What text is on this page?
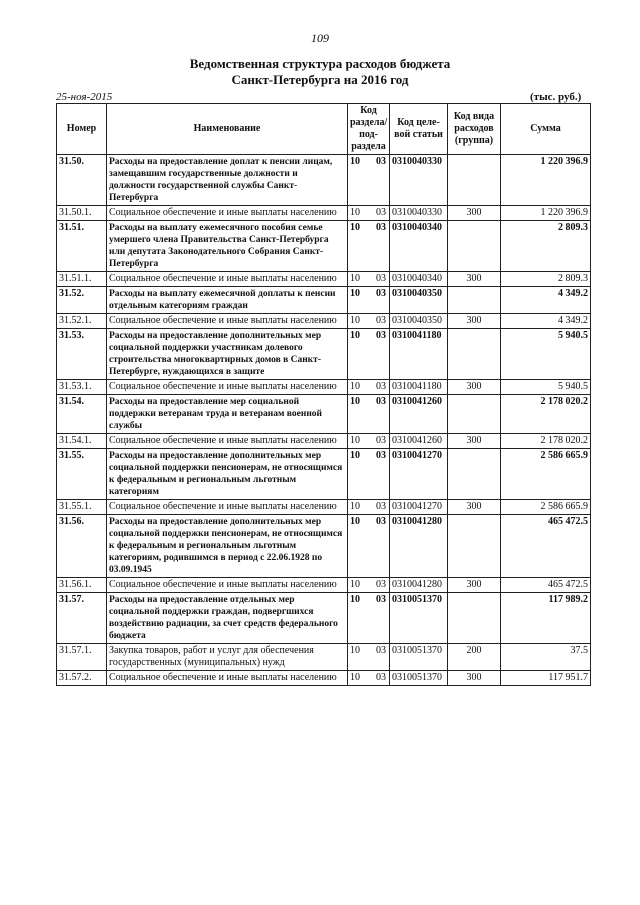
109
Ведомственная структура расходов бюджета
Санкт-Петербурга на 2016 год
25-ноя-2015	(тыс. руб.)
Номер	Наименование	Код раздела/ под-раздела	Код целе-вой статьи	Код вида расходов (группа)	Сумма
31.50.	Расходы на предоставление доплат к пенсии лицам, замещавшим государственные должности и должности государственной службы Санкт-Петербурга	10 03	0310040330		1 220 396.9
31.50.1.	Социальное обеспечение и иные выплаты населению	10 03	0310040330	300	1 220 396.9
31.51.	Расходы на выплату ежемесячного пособия семье умершего члена Правительства Санкт-Петербурга или депутата Законодательного Собрания Санкт-Петербурга	10 03	0310040340		2 809.3
31.51.1.	Социальное обеспечение и иные выплаты населению	10 03	0310040340	300	2 809.3
31.52.	Расходы на выплату ежемесячной доплаты к пенсии отдельным категориям граждан	10 03	0310040350		4 349.2
31.52.1.	Социальное обеспечение и иные выплаты населению	10 03	0310040350	300	4 349.2
31.53.	Расходы на предоставление дополнительных мер социальной поддержки участникам долевого строительства многоквартирных домов в Санкт-Петербурге, нуждающихся в защите	10 03	0310041180		5 940.5
31.53.1.	Социальное обеспечение и иные выплаты населению	10 03	0310041180	300	5 940.5
31.54.	Расходы на предоставление мер социальной поддержки ветеранам труда и ветеранам военной службы	10 03	0310041260		2 178 020.2
31.54.1.	Социальное обеспечение и иные выплаты населению	10 03	0310041260	300	2 178 020.2
31.55.	Расходы на предоставление дополнительных мер социальной поддержки пенсионерам, не относящимся к федеральным и региональным льготным категориям	10 03	0310041270		2 586 665.9
31.55.1.	Социальное обеспечение и иные выплаты населению	10 03	0310041270	300	2 586 665.9
31.56.	Расходы на предоставление дополнительных мер социальной поддержки пенсионерам, не относящимся к федеральным и региональным льготным категориям, родившимся в период с 22.06.1928 по 03.09.1945	10 03	0310041280		465 472.5
31.56.1.	Социальное обеспечение и иные выплаты населению	10 03	0310041280	300	465 472.5
31.57.	Расходы на предоставление отдельных мер социальной поддержки граждан, подвергшихся воздействию радиации, за счет средств федерального бюджета	10 03	0310051370		117 989.2
31.57.1.	Закупка товаров, работ и услуг для обеспечения государственных (муниципальных) нужд	10 03	0310051370	200	37.5
31.57.2.	Социальное обеспечение и иные выплаты населению	10 03	0310051370	300	117 951.7
